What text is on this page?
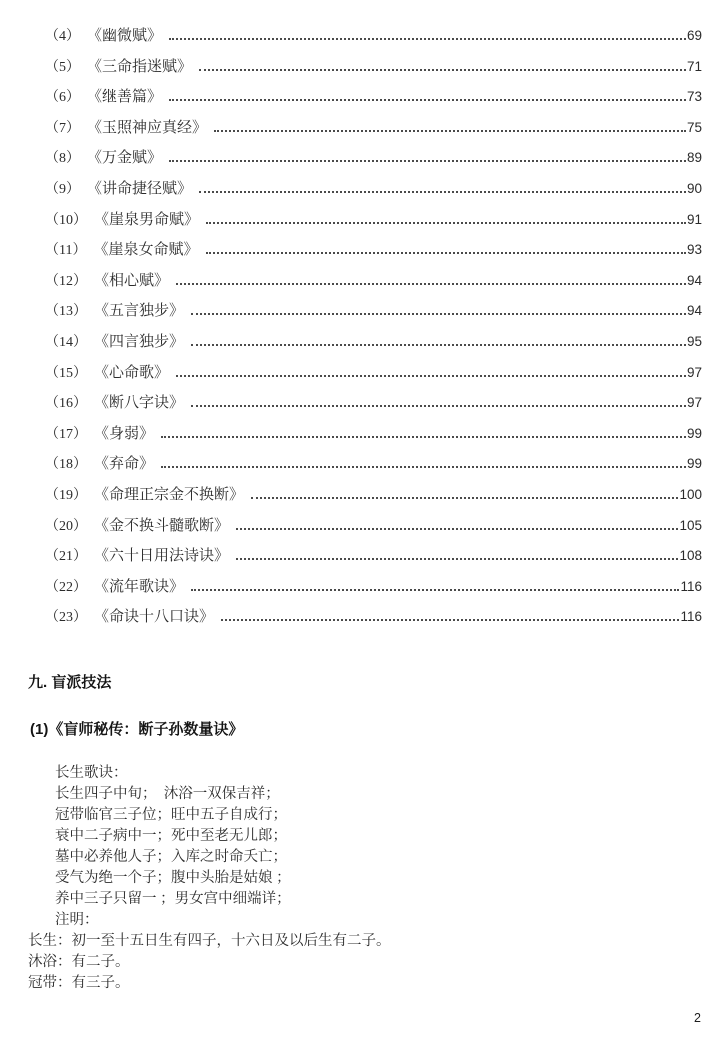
（4） 《幽微赋》	69
（5） 《三命指迷赋》	71
（6） 《继善篇》	73
（7） 《玉照神应真经》	75
（8） 《万金赋》	89
（9） 《讲命捷径赋》	90
（10） 《崖泉男命赋》	91
（11） 《崖泉女命赋》	93
（12） 《相心赋》	94
（13） 《五言独步》	94
（14） 《四言独步》	95
（15） 《心命歌》	97
（16） 《断八字诀》	97
（17） 《身弱》	99
（18） 《弃命》	99
（19） 《命理正宗金不换断》	100
（20） 《金不换斗髓歌断》	105
（21） 《六十日用法诗诀》	108
（22） 《流年歌诀》	116
（23） 《命诀十八口诀》	116
九. 盲派技法
(1)《盲师秘传：断子孙数量诀》
长生歌诀：
长生四子中旬；　沐浴一双保吉祥；
冠带临官三子位；旺中五子自成行；
衰中二子病中一；死中至老无儿郎；
墓中必养他人子；入库之时命夭亡；
受气为绝一个子；腹中头胎是姑娘 ；
养中三子只留一 ；男女宫中细端详；
注明：
长生：初一至十五日生有四子，十六日及以后生有二子。
沐浴：有二子。
冠带：有三子。
2
